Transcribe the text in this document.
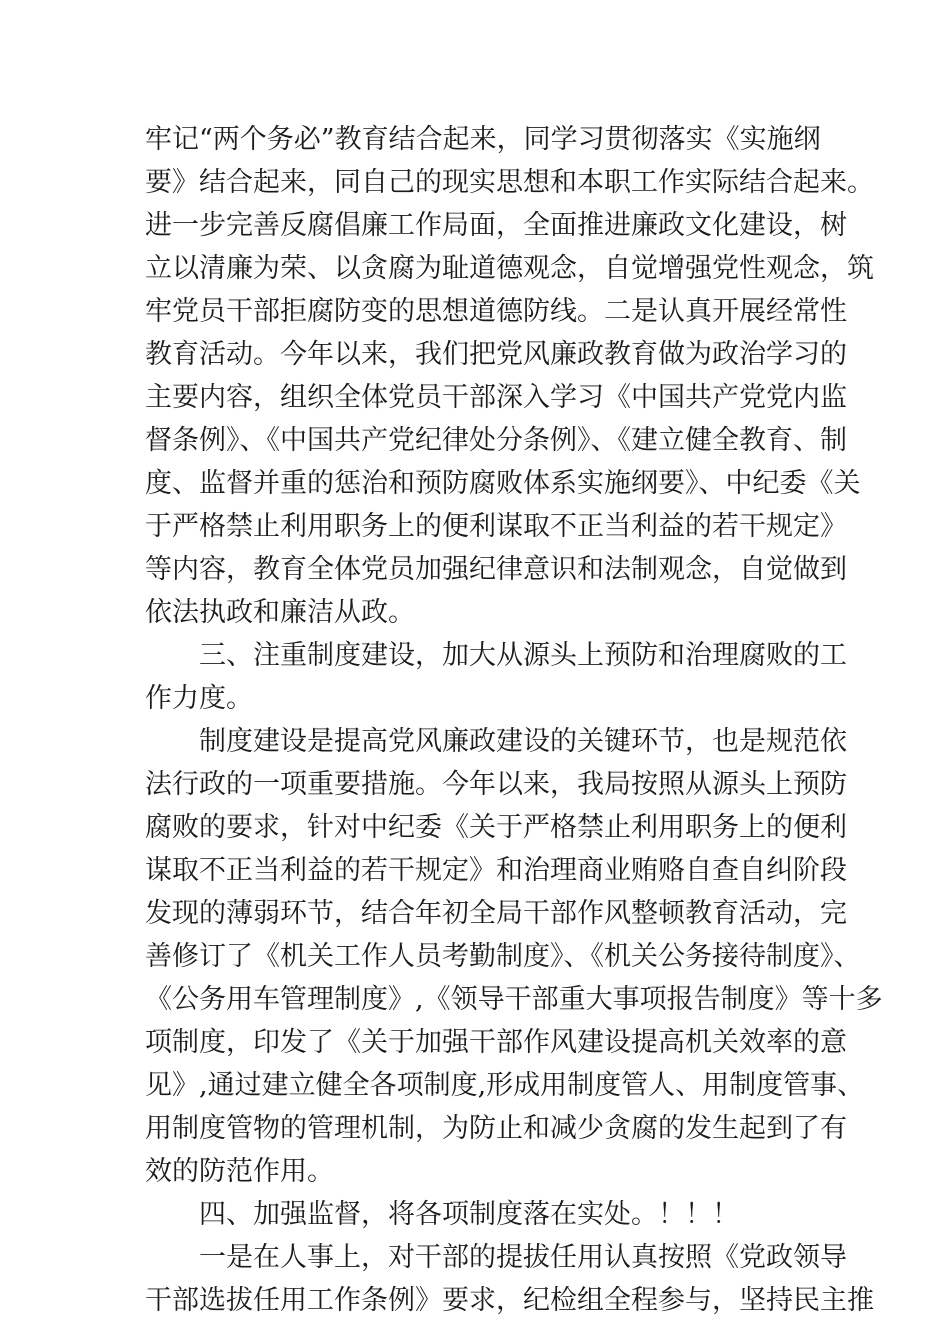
牢记“两个务必”教育结合起来，同学习贯彻落实《实施纲
要》结合起来，同自己的现实思想和本职工作实际结合起来。
进一步完善反腐倡廉工作局面，全面推进廉政文化建设，树
立以清廉为荣、以贪腐为耻道德观念，自觉增强党性观念，筑
牢党员干部拒腐防变的思想道德防线。二是认真开展经常性
教育活动。今年以来，我们把党风廉政教育做为政治学习的
主要内容，组织全体党员干部深入学习《中国共产党党内监
督条例》、《中国共产党纪律处分条例》、《建立健全教育、制
度、监督并重的惩治和预防腐败体系实施纲要》、中纪委《关
于严格禁止利用职务上的便利谋取不正当利益的若干规定》
等内容，教育全体党员加强纪律意识和法制观念，自觉做到
依法执政和廉洁从政。
三、注重制度建设，加大从源头上预防和治理腐败的工
作力度。
制度建设是提高党风廉政建设的关键环节，也是规范依
法行政的一项重要措施。今年以来，我局按照从源头上预防
腐败的要求，针对中纪委《关于严格禁止利用职务上的便利
谋取不正当利益的若干规定》和治理商业贿赂自查自纠阶段
发现的薄弱环节，结合年初全局干部作风整顿教育活动，完
善修订了《机关工作人员考勤制度》、《机关公务接待制度》、
《公务用车管理制度》,《领导干部重大事项报告制度》等十多
项制度，印发了《关于加强干部作风建设提高机关效率的意
见》,通过建立健全各项制度,形成用制度管人、用制度管事、
用制度管物的管理机制，为防止和减少贪腐的发生起到了有
效的防范作用。
四、加强监督，将各项制度落在实处。！！！
一是在人事上，对干部的提拔任用认真按照《党政领导
干部选拔任用工作条例》要求，纪检组全程参与，坚持民主推
